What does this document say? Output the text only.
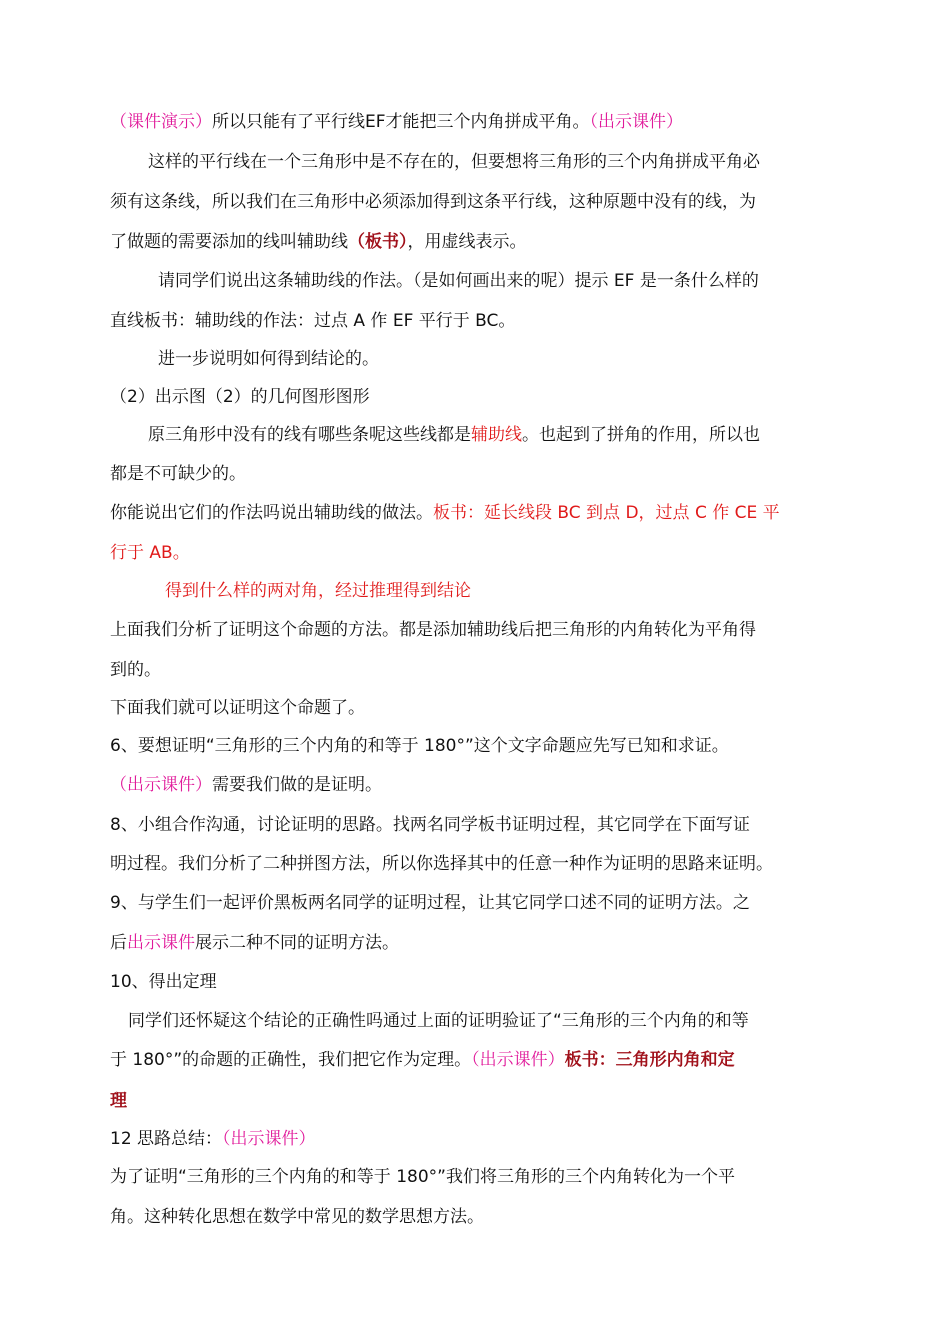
（课件演示）所以只能有了平行线EF才能把三个内角拼成平角。（出示课件）
这样的平行线在一个三角形中是不存在的，但要想将三角形的三个内角拼成平角必
须有这条线，所以我们在三角形中必须添加得到这条平行线，这种原题中没有的线，为
了做题的需要添加的线叫辅助线（板书），用虚线表示。
请同学们说出这条辅助线的作法。（是如何画出来的呢）提示 EF 是一条什么样的
直线板书：辅助线的作法：过点 A 作 EF 平行于 BC。
进一步说明如何得到结论的。
（2）出示图（2）的几何图形图形
原三角形中没有的线有哪些条呢这些线都是辅助线。也起到了拼角的作用，所以也
都是不可缺少的。
你能说出它们的作法吗说出辅助线的做法。板书：延长线段 BC 到点 D，过点 C 作 CE 平
行于 AB。
得到什么样的两对角，经过推理得到结论
上面我们分析了证明这个命题的方法。都是添加辅助线后把三角形的内角转化为平角得
到的。
下面我们就可以证明这个命题了。
6、要想证明“三角形的三个内角的和等于 180°”这个文字命题应先写已知和求证。
（出示课件）需要我们做的是证明。
8、小组合作沟通，讨论证明的思路。找两名同学板书证明过程，其它同学在下面写证
明过程。我们分析了二种拼图方法，所以你选择其中的任意一种作为证明的思路来证明。
9、与学生们一起评价黑板两名同学的证明过程，让其它同学口述不同的证明方法。之
后出示课件展示二种不同的证明方法。
10、得出定理
同学们还怀疑这个结论的正确性吗通过上面的证明验证了“三角形的三个内角的和等
于 180°”的命题的正确性，我们把它作为定理。（出示课件）板书：三角形内角和定
理
12 思路总结：（出示课件）
为了证明“三角形的三个内角的和等于 180°”我们将三角形的三个内角转化为一个平
角。这种转化思想在数学中常见的数学思想方法。
